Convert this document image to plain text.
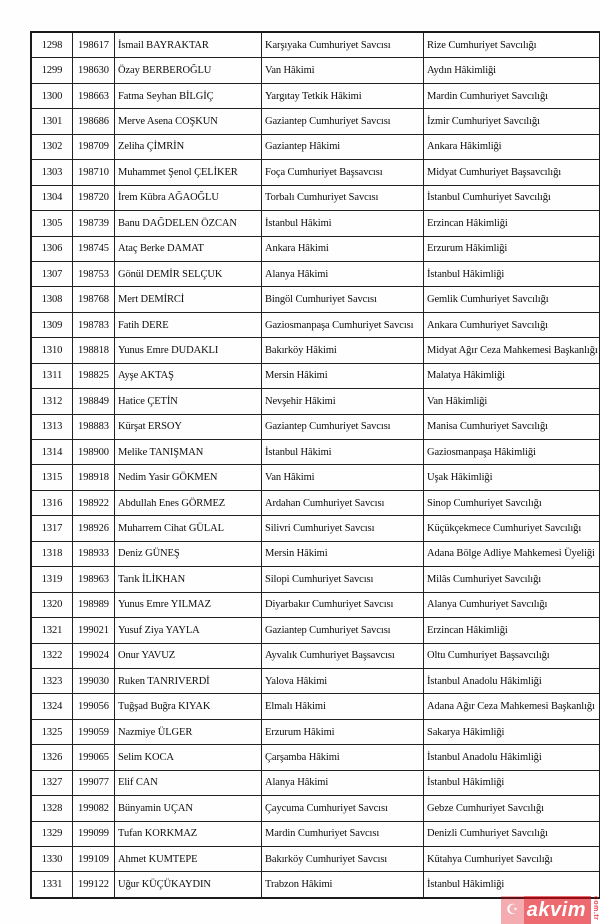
1298	198617	İsmail BAYRAKTAR	Karşıyaka Cumhuriyet Savcısı	Rize Cumhuriyet Savcılığı
1299	198630	Özay BERBEROĞLU	Van Hâkimi	Aydın Hâkimliği
1300	198663	Fatma Seyhan BİLGİÇ	Yargıtay Tetkik Hâkimi	Mardin Cumhuriyet Savcılığı
1301	198686	Merve Asena COŞKUN	Gaziantep Cumhuriyet Savcısı	İzmir Cumhuriyet Savcılığı
1302	198709	Zeliha ÇİMRİN	Gaziantep Hâkimi	Ankara Hâkimliği
1303	198710	Muhammet Şenol ÇELİKER	Foça Cumhuriyet Başsavcısı	Midyat Cumhuriyet Başsavcılığı
1304	198720	İrem Kübra AĞAOĞLU	Torbalı Cumhuriyet Savcısı	İstanbul Cumhuriyet Savcılığı
1305	198739	Banu DAĞDELEN ÖZCAN	İstanbul Hâkimi	Erzincan Hâkimliği
1306	198745	Ataç Berke DAMAT	Ankara Hâkimi	Erzurum Hâkimliği
1307	198753	Gönül DEMİR SELÇUK	Alanya Hâkimi	İstanbul Hâkimliği
1308	198768	Mert DEMİRCİ	Bingöl Cumhuriyet Savcısı	Gemlik Cumhuriyet Savcılığı
1309	198783	Fatih DERE	Gaziosmanpaşa Cumhuriyet Savcısı	Ankara Cumhuriyet Savcılığı
1310	198818	Yunus Emre DUDAKLI	Bakırköy Hâkimi	Midyat Ağır Ceza Mahkemesi Başkanlığı
1311	198825	Ayşe AKTAŞ	Mersin Hâkimi	Malatya Hâkimliği
1312	198849	Hatice ÇETİN	Nevşehir Hâkimi	Van Hâkimliği
1313	198883	Kürşat ERSOY	Gaziantep Cumhuriyet Savcısı	Manisa Cumhuriyet Savcılığı
1314	198900	Melike TANIŞMAN	İstanbul Hâkimi	Gaziosmanpaşa Hâkimliği
1315	198918	Nedim Yasir GÖKMEN	Van Hâkimi	Uşak Hâkimliği
1316	198922	Abdullah Enes GÖRMEZ	Ardahan Cumhuriyet Savcısı	Sinop Cumhuriyet Savcılığı
1317	198926	Muharrem Cihat GÜLAL	Silivri Cumhuriyet Savcısı	Küçükçekmece Cumhuriyet Savcılığı
1318	198933	Deniz GÜNEŞ	Mersin Hâkimi	Adana Bölge Adliye Mahkemesi Üyeliği
1319	198963	Tarık İLİKHAN	Silopi Cumhuriyet Savcısı	Milâs Cumhuriyet Savcılığı
1320	198989	Yunus Emre YILMAZ	Diyarbakır Cumhuriyet Savcısı	Alanya Cumhuriyet Savcılığı
1321	199021	Yusuf Ziya YAYLA	Gaziantep Cumhuriyet Savcısı	Erzincan Hâkimliği
1322	199024	Onur YAVUZ	Ayvalık Cumhuriyet Başsavcısı	Oltu Cumhuriyet Başsavcılığı
1323	199030	Ruken TANRIVERDİ	Yalova Hâkimi	İstanbul Anadolu Hâkimliği
1324	199056	Tuğşad Buğra KIYAK	Elmalı Hâkimi	Adana Ağır Ceza Mahkemesi Başkanlığı
1325	199059	Nazmiye ÜLGER	Erzurum Hâkimi	Sakarya Hâkimliği
1326	199065	Selim KOCA	Çarşamba Hâkimi	İstanbul Anadolu Hâkimliği
1327	199077	Elif CAN	Alanya Hâkimi	İstanbul Hâkimliği
1328	199082	Bünyamin UÇAN	Çaycuma Cumhuriyet Savcısı	Gebze Cumhuriyet Savcılığı
1329	199099	Tufan KORKMAZ	Mardin Cumhuriyet Savcısı	Denizli Cumhuriyet Savcılığı
1330	199109	Ahmet KUMTEPE	Bakırköy Cumhuriyet Savcısı	Kütahya Cumhuriyet Savcılığı
1331	199122	Uğur KÜÇÜKAYDIN	Trabzon Hâkimi	İstanbul Hâkimliği
☪ akvim com.tr
